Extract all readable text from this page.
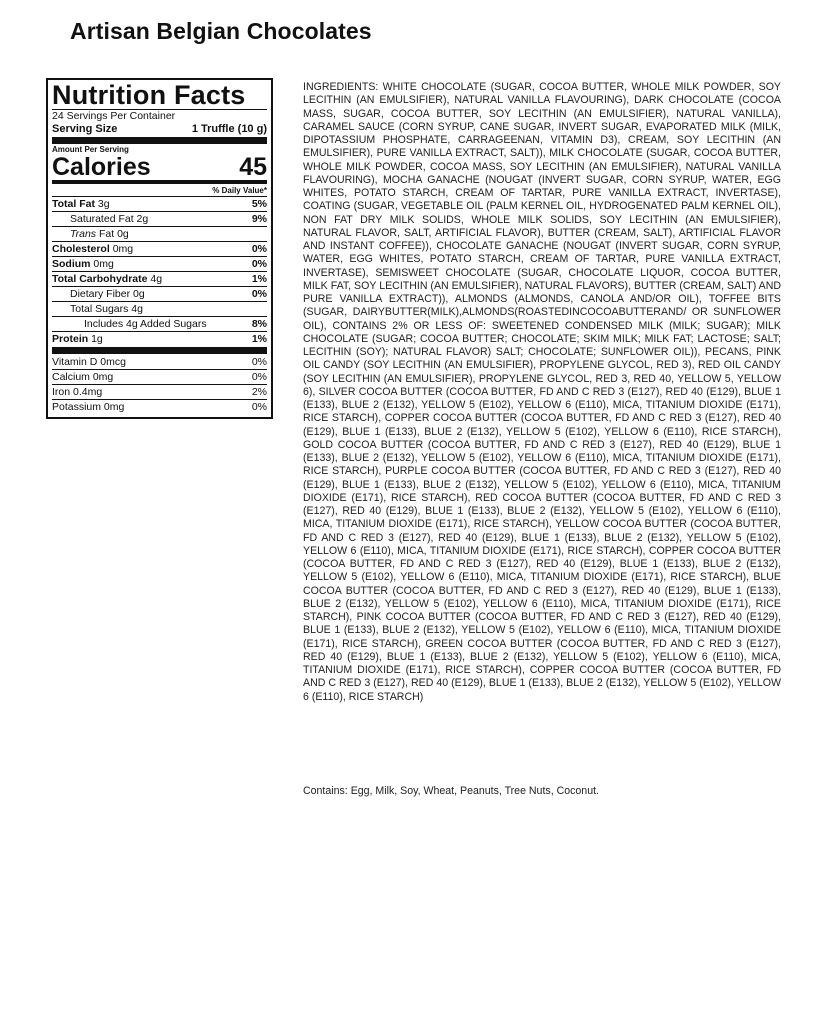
Artisan Belgian Chocolates
Nutrition Facts
24 Servings Per Container
Serving Size	1 Truffle (10 g)
Amount Per Serving
Calories	45
% Daily Value*
Total Fat 3g	5%
Saturated Fat 2g	9%
Trans Fat 0g
Cholesterol 0mg	0%
Sodium 0mg	0%
Total Carbohydrate 4g	1%
Dietary Fiber 0g	0%
Total Sugars 4g
Includes 4g Added Sugars	8%
Protein 1g	1%
Vitamin D 0mcg	0%
Calcium 0mg	0%
Iron 0.4mg	2%
Potassium 0mg	0%
INGREDIENTS: WHITE CHOCOLATE (SUGAR, COCOA BUTTER, WHOLE MILK POWDER, SOY LECITHIN (AN EMULSIFIER), NATURAL VANILLA FLAVOURING), DARK CHOCOLATE (COCOA MASS, SUGAR, COCOA BUTTER, SOY LECITHIN (AN EMULSIFIER), NATURAL VANILLA), CARAMEL SAUCE (CORN SYRUP, CANE SUGAR, INVERT SUGAR, EVAPORATED MILK (MILK, DIPOTASSIUM PHOSPHATE, CARRAGEENAN, VITAMIN D3), CREAM, SOY LECITHIN (AN EMULSIFIER), PURE VANILLA EXTRACT, SALT)), MILK CHOCOLATE (SUGAR, COCOA BUTTER, WHOLE MILK POWDER, COCOA MASS, SOY LECITHIN (AN EMULSIFIER), NATURAL VANILLA FLAVOURING), MOCHA GANACHE (NOUGAT (INVERT SUGAR, CORN SYRUP, WATER, EGG WHITES, POTATO STARCH, CREAM OF TARTAR, PURE VANILLA EXTRACT, INVERTASE), COATING (SUGAR, VEGETABLE OIL (PALM KERNEL OIL, HYDROGENATED PALM KERNEL OIL), NON FAT DRY MILK SOLIDS, WHOLE MILK SOLIDS, SOY LECITHIN (AN EMULSIFIER), NATURAL FLAVOR, SALT, ARTIFICIAL FLAVOR), BUTTER (CREAM, SALT), ARTIFICIAL FLAVOR AND INSTANT COFFEE)), CHOCOLATE GANACHE (NOUGAT (INVERT SUGAR, CORN SYRUP, WATER, EGG WHITES, POTATO STARCH, CREAM OF TARTAR, PURE VANILLA EXTRACT, INVERTASE), SEMISWEET CHOCOLATE (SUGAR, CHOCOLATE LIQUOR, COCOA BUTTER, MILK FAT, SOY LECITHIN (AN EMULSIFIER), NATURAL FLAVORS), BUTTER (CREAM, SALT) AND PURE VANILLA EXTRACT)), ALMONDS (ALMONDS, CANOLA AND/OR OIL), TOFFEE BITS (SUGAR, DAIRYBUTTER(MILK),ALMONDS(ROASTEDINCOCOABUTTERAND/ OR SUNFLOWER OIL), CONTAINS 2% OR LESS OF: SWEETENED CONDENSED MILK (MILK; SUGAR); MILK CHOCOLATE (SUGAR; COCOA BUTTER; CHOCOLATE; SKIM MILK; MILK FAT; LACTOSE; SALT; LECITHIN (SOY); NATURAL FLAVOR) SALT; CHOCOLATE; SUNFLOWER OIL)), PECANS, PINK OIL CANDY (SOY LECITHIN (AN EMULSIFIER), PROPYLENE GLYCOL, RED 3), RED OIL CANDY (SOY LECITHIN (AN EMULSIFIER), PROPYLENE GLYCOL, RED 3, RED 40, YELLOW 5, YELLOW 6), SILVER COCOA BUTTER (COCOA BUTTER, FD AND C RED 3 (E127), RED 40 (E129), BLUE 1 (E133), BLUE 2 (E132), YELLOW 5 (E102), YELLOW 6 (E110), MICA, TITANIUM DIOXIDE (E171), RICE STARCH), COPPER COCOA BUTTER (COCOA BUTTER, FD AND C RED 3 (E127), RED 40 (E129), BLUE 1 (E133), BLUE 2 (E132), YELLOW 5 (E102), YELLOW 6 (E110), RICE STARCH), GOLD COCOA BUTTER (COCOA BUTTER, FD AND C RED 3 (E127), RED 40 (E129), BLUE 1 (E133), BLUE 2 (E132), YELLOW 5 (E102), YELLOW 6 (E110), MICA, TITANIUM DIOXIDE (E171), RICE STARCH), PURPLE COCOA BUTTER (COCOA BUTTER, FD AND C RED 3 (E127), RED 40 (E129), BLUE 1 (E133), BLUE 2 (E132), YELLOW 5 (E102), YELLOW 6 (E110), MICA, TITANIUM DIOXIDE (E171), RICE STARCH), RED COCOA BUTTER (COCOA BUTTER, FD AND C RED 3 (E127), RED 40 (E129), BLUE 1 (E133), BLUE 2 (E132), YELLOW 5 (E102), YELLOW 6 (E110), MICA, TITANIUM DIOXIDE (E171), RICE STARCH), YELLOW COCOA BUTTER (COCOA BUTTER, FD AND C RED 3 (E127), RED 40 (E129), BLUE 1 (E133), BLUE 2 (E132), YELLOW 5 (E102), YELLOW 6 (E110), MICA, TITANIUM DIOXIDE (E171), RICE STARCH), COPPER COCOA BUTTER (COCOA BUTTER, FD AND C RED 3 (E127), RED 40 (E129), BLUE 1 (E133), BLUE 2 (E132), YELLOW 5 (E102), YELLOW 6 (E110), MICA, TITANIUM DIOXIDE (E171), RICE STARCH), BLUE COCOA BUTTER (COCOA BUTTER, FD AND C RED 3 (E127), RED 40 (E129), BLUE 1 (E133), BLUE 2 (E132), YELLOW 5 (E102), YELLOW 6 (E110), MICA, TITANIUM DIOXIDE (E171), RICE STARCH), PINK COCOA BUTTER (COCOA BUTTER, FD AND C RED 3 (E127), RED 40 (E129), BLUE 1 (E133), BLUE 2 (E132), YELLOW 5 (E102), YELLOW 6 (E110), MICA, TITANIUM DIOXIDE (E171), RICE STARCH), GREEN COCOA BUTTER (COCOA BUTTER, FD AND C RED 3 (E127), RED 40 (E129), BLUE 1 (E133), BLUE 2 (E132), YELLOW 5 (E102), YELLOW 6 (E110), MICA, TITANIUM DIOXIDE (E171), RICE STARCH), COPPER COCOA BUTTER (COCOA BUTTER, FD AND C RED 3 (E127), RED 40 (E129), BLUE 1 (E133), BLUE 2 (E132), YELLOW 5 (E102), YELLOW 6 (E110), RICE STARCH)
Contains: Egg, Milk, Soy, Wheat, Peanuts, Tree Nuts, Coconut.
